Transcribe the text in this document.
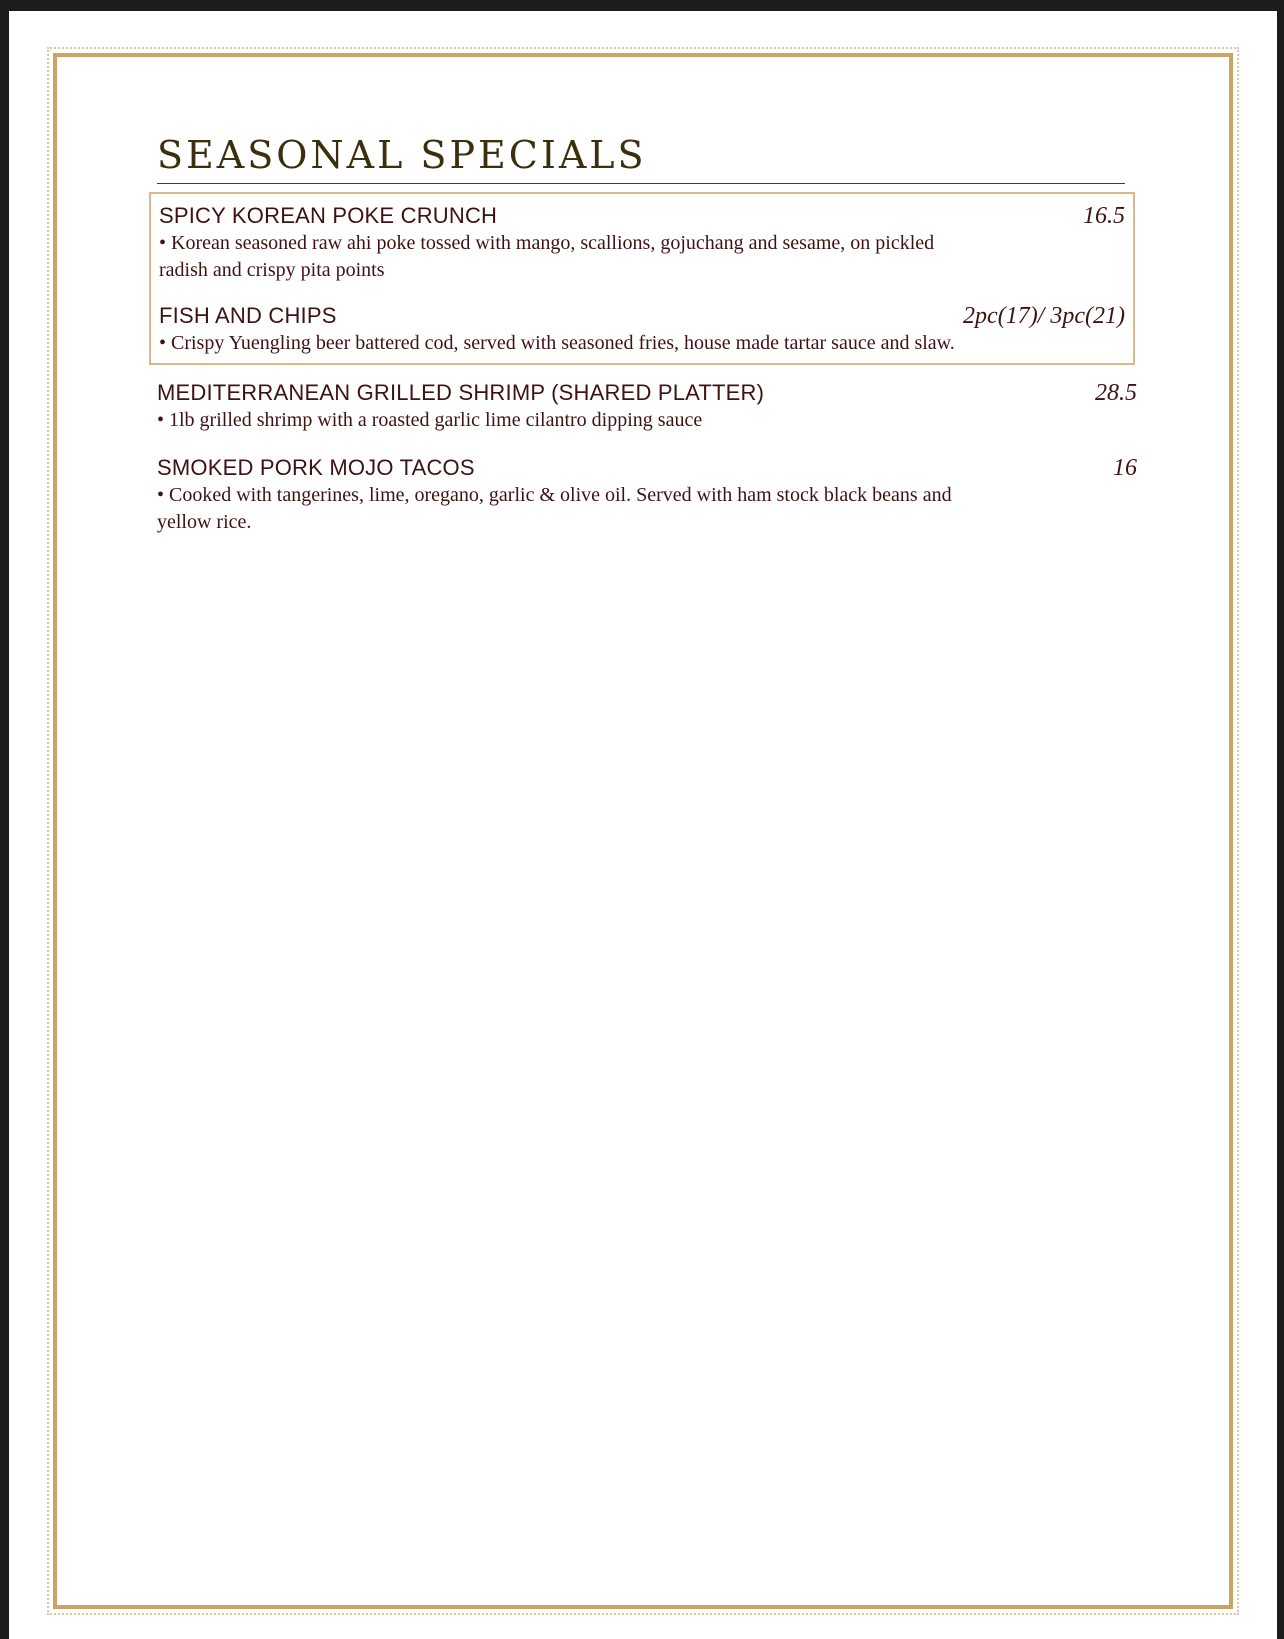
SEASONAL SPECIALS
SPICY KOREAN POKE CRUNCH	16.5
• Korean seasoned raw ahi poke tossed with mango, scallions, gojuchang and sesame, on pickled radish and crispy pita points
FISH AND CHIPS	2pc(17)/ 3pc(21)
• Crispy Yuengling beer battered cod, served with seasoned fries, house made tartar sauce and slaw.
MEDITERRANEAN GRILLED SHRIMP (SHARED PLATTER)	28.5
• 1lb grilled shrimp with a roasted garlic lime cilantro dipping sauce
SMOKED PORK MOJO TACOS	16
• Cooked with tangerines, lime, oregano, garlic & olive oil. Served with ham stock black beans and yellow rice.
